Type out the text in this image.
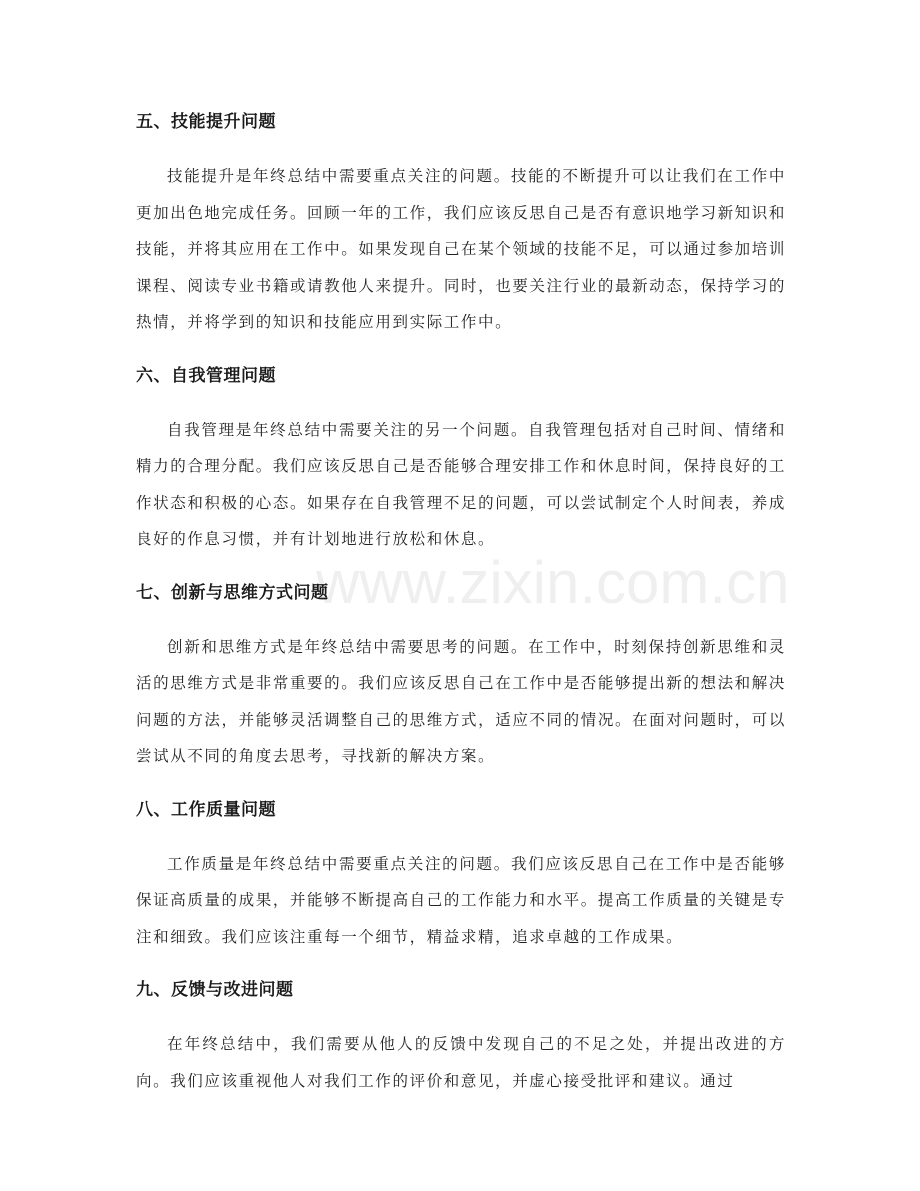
www.zixin.com.cn
五、技能提升问题

技能提升是年终总结中需要重点关注的问题。技能的不断提升可以让我们在工作中更加出色地完成任务。回顾一年的工作，我们应该反思自己是否有意识地学习新知识和技能，并将其应用在工作中。如果发现自己在某个领域的技能不足，可以通过参加培训课程、阅读专业书籍或请教他人来提升。同时，也要关注行业的最新动态，保持学习的热情，并将学到的知识和技能应用到实际工作中。

六、自我管理问题

自我管理是年终总结中需要关注的另一个问题。自我管理包括对自己时间、情绪和精力的合理分配。我们应该反思自己是否能够合理安排工作和休息时间，保持良好的工作状态和积极的心态。如果存在自我管理不足的问题，可以尝试制定个人时间表，养成良好的作息习惯，并有计划地进行放松和休息。

七、创新与思维方式问题

创新和思维方式是年终总结中需要思考的问题。在工作中，时刻保持创新思维和灵活的思维方式是非常重要的。我们应该反思自己在工作中是否能够提出新的想法和解决问题的方法，并能够灵活调整自己的思维方式，适应不同的情况。在面对问题时，可以尝试从不同的角度去思考，寻找新的解决方案。

八、工作质量问题

工作质量是年终总结中需要重点关注的问题。我们应该反思自己在工作中是否能够保证高质量的成果，并能够不断提高自己的工作能力和水平。提高工作质量的关键是专注和细致。我们应该注重每一个细节，精益求精，追求卓越的工作成果。

九、反馈与改进问题

在年终总结中，我们需要从他人的反馈中发现自己的不足之处，并提出改进的方向。我们应该重视他人对我们工作的评价和意见，并虚心接受批评和建议。通过
